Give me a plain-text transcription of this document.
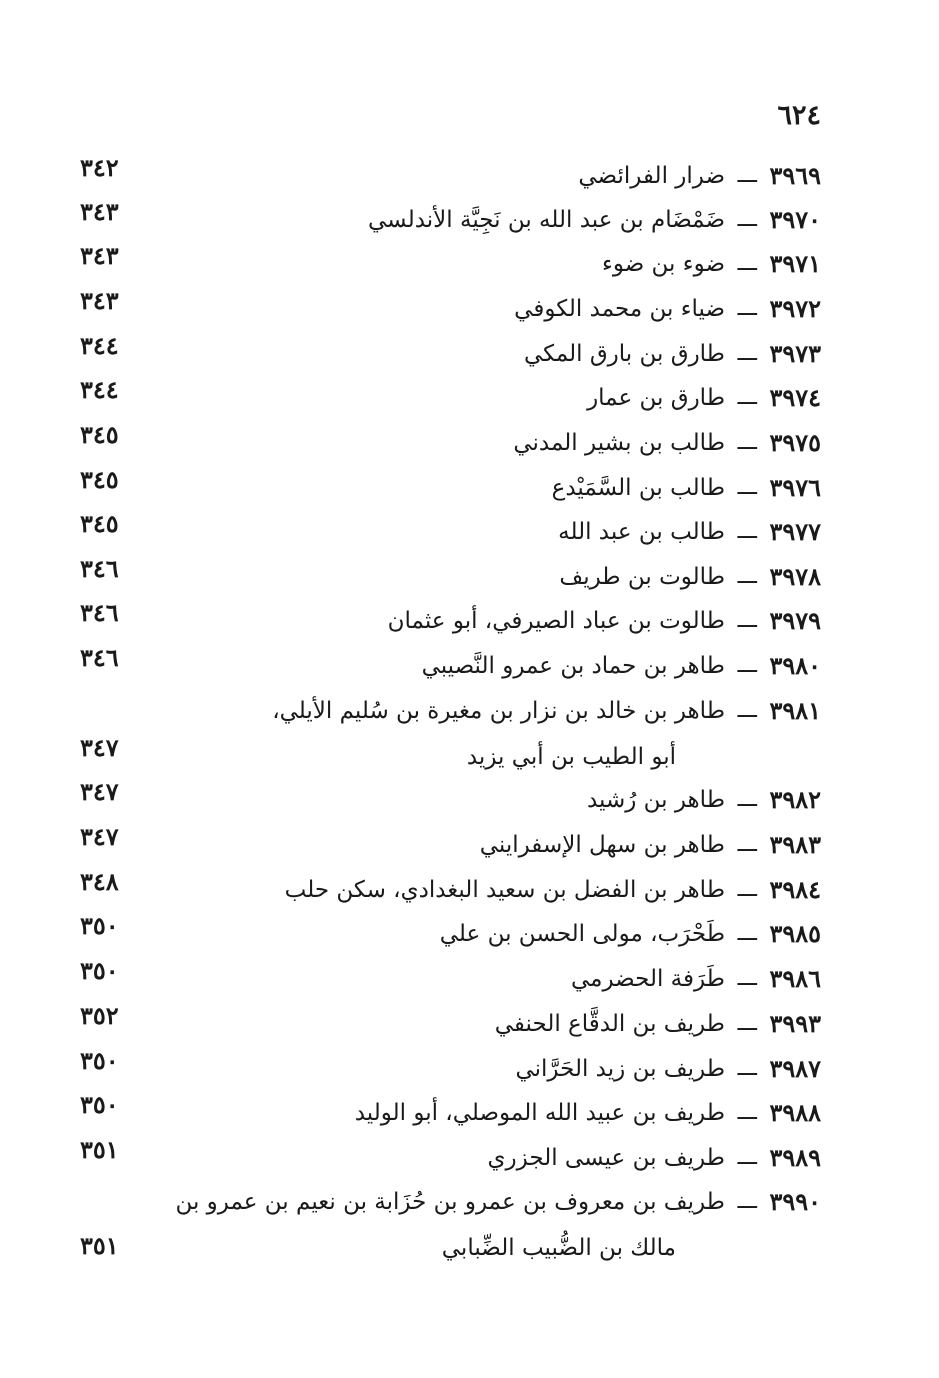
٦٢٤
٣٩٦٩
ـــ
ضرار الفرائضي
٣٤٢
٣٩٧٠
ـــ
ضَمْضَام بن عبد الله بن نَجِيَّة الأندلسي
٣٤٣
٣٩٧١
ـــ
ضوء بن ضوء
٣٤٣
٣٩٧٢
ـــ
ضياء بن محمد الكوفي
٣٤٣
٣٩٧٣
ـــ
طارق بن بارق المكي
٣٤٤
٣٩٧٤
ـــ
طارق بن عمار
٣٤٤
٣٩٧٥
ـــ
طالب بن بشير المدني
٣٤٥
٣٩٧٦
ـــ
طالب بن السَّمَيْدع
٣٤٥
٣٩٧٧
ـــ
طالب بن عبد الله
٣٤٥
٣٩٧٨
ـــ
طالوت بن طريف
٣٤٦
٣٩٧٩
ـــ
طالوت بن عباد الصيرفي، أبو عثمان
٣٤٦
٣٩٨٠
ـــ
طاهر بن حماد بن عمرو النَّصيبي
٣٤٦
٣٩٨١
ـــ
طاهر بن خالد بن نزار بن مغيرة بن سُليم الأيلي،
أبو الطيب بن أبي يزيد
٣٤٧
٣٩٨٢
ـــ
طاهر بن رُشيد
٣٤٧
٣٩٨٣
ـــ
طاهر بن سهل الإسفرايني
٣٤٧
٣٩٨٤
ـــ
طاهر بن الفضل بن سعيد البغدادي، سكن حلب
٣٤٨
٣٩٨٥
ـــ
طَحْرَب، مولى الحسن بن علي
٣٥٠
٣٩٨٦
ـــ
طَرَفة الحضرمي
٣٥٠
٣٩٩٣
ـــ
طريف بن الدقَّاع الحنفي
٣٥٢
٣٩٨٧
ـــ
طريف بن زيد الحَرَّاني
٣٥٠
٣٩٨٨
ـــ
طريف بن عبيد الله الموصلي، أبو الوليد
٣٥٠
٣٩٨٩
ـــ
طريف بن عيسى الجزري
٣٥١
٣٩٩٠
ـــ
طريف بن معروف بن عمرو بن حُزَابة بن نعيم بن عمرو بن
مالك بن الضُّبيب الضِّبابي
٣٥١
